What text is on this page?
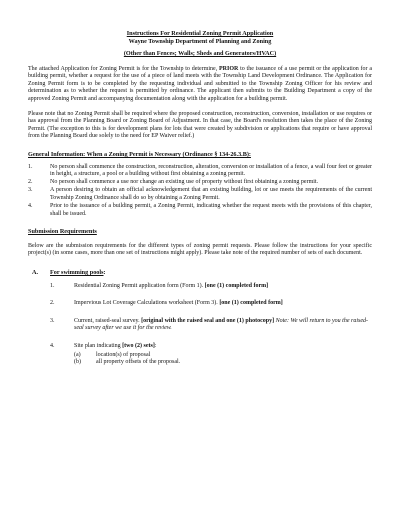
Instructions For Residential Zoning Permit Application
Wayne Township Department of Planning and Zoning
(Other than Fences; Walls; Sheds and Generators/HVAC)

The attached Application for Zoning Permit is for the Township to determine, PRIOR to the issuance of a use permit or the application for a building permit, whether a request for the use of a piece of land meets with the Township Land Development Ordinance. The Application for Zoning Permit form is to be completed by the requesting individual and submitted to the Township Zoning Officer for his review and determination as to whether the request is permitted by ordinance. The applicant then submits to the Building Department a copy of the approved Zoning Permit and accompanying documentation along with the application for a building permit.

Please note that no Zoning Permit shall be required where the proposed construction, reconstruction, conversion, installation or use requires or has approval from the Planning Board or Zoning Board of Adjustment. In that case, the Board's resolution then takes the place of the Zoning Permit. (The exception to this is for development plans for lots that were created by subdivision or applications that require or have approval from the Planning Board due solely to the need for EP Waiver relief.)

General Information: When a Zoning Permit is Necessary (Ordinance § 134-26.3.B):
1.	No person shall commence the construction, reconstruction, alteration, conversion or installation of a fence, a wall four feet or greater in height, a structure, a pool or a building without first obtaining a zoning permit.
2.	No person shall commence a use nor change an existing use of property without first obtaining a zoning permit.
3.	A person desiring to obtain an official acknowledgement that an existing building, lot or use meets the requirements of the current Township Zoning Ordinance shall do so by obtaining a Zoning Permit.
4.	Prior to the issuance of a building permit, a Zoning Permit, indicating whether the request meets with the provisions of this chapter, shall be issued.
Submission Requirements

Below are the submission requirements for the different types of zoning permit requests. Please follow the instructions for your specific project(s) (in some cases, more than one set of instructions might apply). Please take note of the required number of sets of each document.

A. For swimming pools:
1.	Residential Zoning Permit application form (Form 1). [one (1) completed form]
2.	Impervious Lot Coverage Calculations worksheet (Form 3). [one (1) completed form]
3.	Current, raised-seal survey. [original with the raised seal and one (1) photocopy] Note: We will return to you the raised-seal survey after we use it for the review.
4.	Site plan indicating [two (2) sets]:
(a)	location(s) of proposal
(b)	all property offsets of the proposal.
